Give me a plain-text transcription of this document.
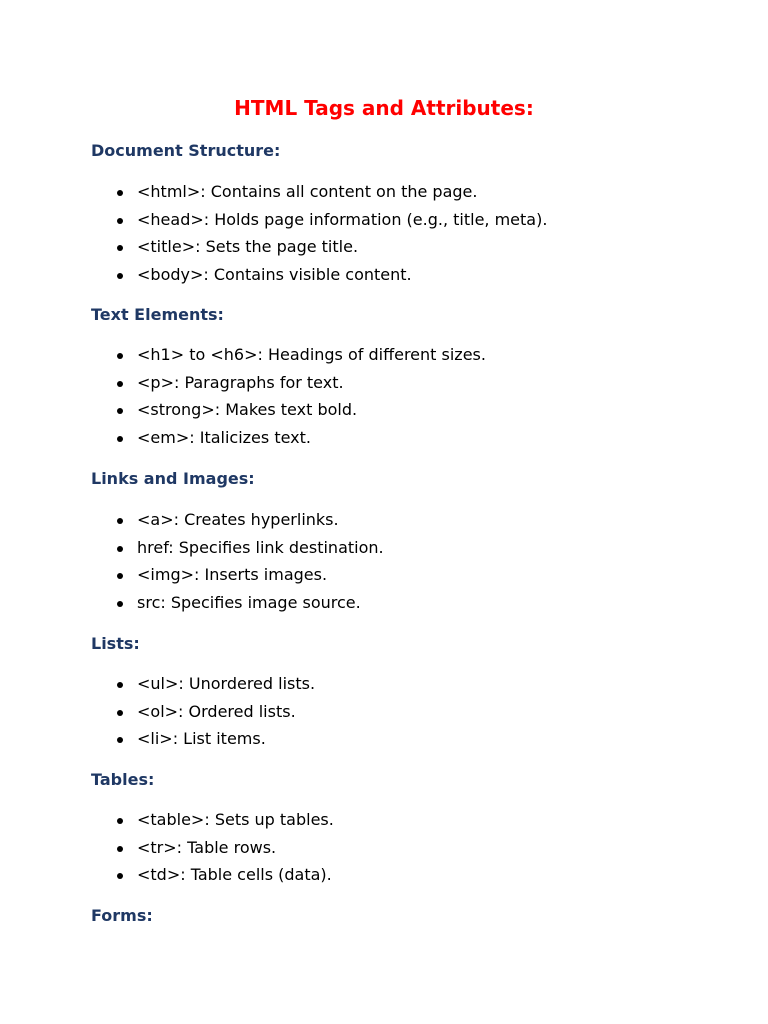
HTML Tags and Attributes:
Document Structure:
<html>: Contains all content on the page.
<head>: Holds page information (e.g., title, meta).
<title>: Sets the page title.
<body>: Contains visible content.
Text Elements:
<h1> to <h6>: Headings of different sizes.
<p>: Paragraphs for text.
<strong>: Makes text bold.
<em>: Italicizes text.
Links and Images:
<a>: Creates hyperlinks.
href: Specifies link destination.
<img>: Inserts images.
src: Specifies image source.
Lists:
<ul>: Unordered lists.
<ol>: Ordered lists.
<li>: List items.
Tables:
<table>: Sets up tables.
<tr>: Table rows.
<td>: Table cells (data).
Forms:
